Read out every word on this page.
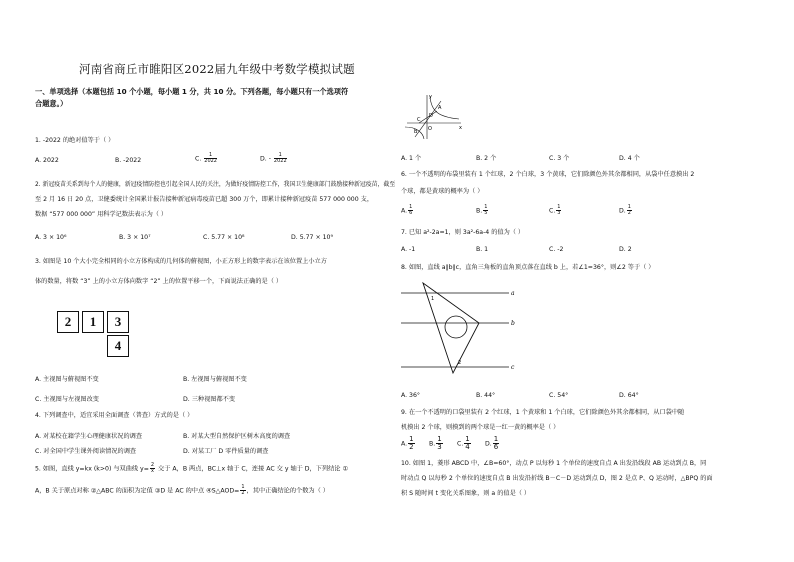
河南省商丘市睢阳区2022届九年级中考数学模拟试题
一、单项选择（本题包括 10 个小题，每小题 1 分，共 10 分。下列各题，每小题只有一个选项符
合题意。）
1. -2022 的绝对值等于（ ）
A. 2022	B. -2022	C. $\frac{1}{2022}$	D. - $\frac{1}{2022}$
2. 新冠疫苗关系到每个人的健康，新冠疫情防控也引起全国人民的关注，为做好疫情防控工作，我国卫生健康部门鼓励接种新冠疫苗，截至
至 2 月 16 日 20 点，卫健委统计全国累计报告接种新冠病毒疫苗已超 300 万个，即累计接种新冠疫苗 577 000 000 支，
数据 “577 000 000” 用科学记数法表示为（ ）
A. 3 × 10⁶	B. 3 × 10⁷	C. 5.77 × 10⁸	D. 5.77 × 10⁹
3. 如图是 10 个大小完全相同的小立方体构成的几何体的俯视图，小正方形上的数字表示在该位置上小立方
体的数量，将数 “3” 上的小立方体向数字 “2” 上的位置平移一个，下面说法正确的是（ ）
2	1	3
4
A. 主视图与俯视图不变	B. 左视图与俯视图不变
C. 主视图与左视图改变	D. 三种视图都不变
4. 下列调查中，适宜采用全面调查（普查）方式的是（ ）
A. 对某校在籍学生心理健康状况的调查	B. 对某大型自然保护区树木高度的调查
C. 对全国中学生课外阅读情况的调查	D. 对某工厂 D 零件质量的调查
5. 如图，直线 y=kx (k>0) 与双曲线 $y= \frac{2}{x}$ 交于 A，B 两点，BC⊥x 轴于 C，连接 AC 交 y 轴于 D，下列结论 ①
A，B 关于原点对称 ②△ABC 的面积为定值 ③D 是 AC 的中点 ④S△AOD= $\frac{1}{2}$ ，其中正确结论的个数为（ ）
x
y
O
A
B
C
D
A. 1 个	B. 2 个	C. 3 个	D. 4 个
6. 一个不透明的布袋里装有 1 个红球，2 个白球，3 个黄球，它们除颜色外其余都相同，从袋中任意摸出 2
个球，都是黄球的概率为（ ）
A. $\frac{1}{6}$	B. $\frac{1}{5}$	C. $\frac{1}{3}$	D. $\frac{1}{2}$
7. 已知 a²-2a=1，则 3a²-6a-4 的值为（ ）
A. -1	B. 1	C. -2	D. 2
8. 如图，直线 a∥b∥c，直角三角板的直角顶点落在直线 b 上，若∠1=36°，则∠2 等于（ ）
a
b
c
1
2
A. 36°	B. 44°	C. 54°	D. 64°
9. 在一个不透明的口袋里装有 2 个红球，1 个黄球和 1 个白球，它们除颜色外其余都相同，从口袋中随
机摸出 2 个球，则摸到的两个球是一红一黄的概率是（ ）
A. $\frac{1}{2} B$. $\frac{1}{3} C$. $\frac{1}{4} D$. $\frac{1}{6}$
10. 如图 1，菱形 ABCD 中，∠B=60°，动点 P 以每秒 1 个单位的速度自点 A 出发沿线段 AB 运动到点 B，同
时动点 Q 以每秒 2 个单位的速度自点 B 出发沿折线 B－C－D 运动到点 D，图 2 是点 P、Q 运动时，△BPQ 的面
积 S 随时间 t 变化关系图象，则 a 的值是（ ）
